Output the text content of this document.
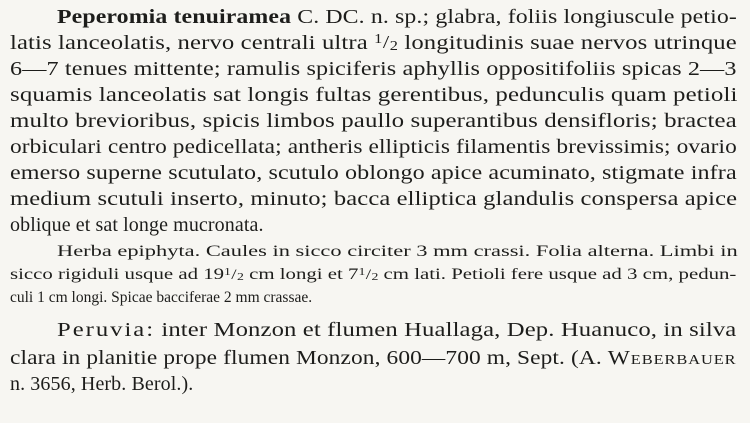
Peperomia tenuiramea C. DC. n. sp.; glabra, foliis longiuscule petio-
latis lanceolatis, nervo centrali ultra $^1$/2 longitudinis suae nervos utrinque
6—7 tenues mittente; ramulis spiciferis aphyllis oppositifoliis spicas 2—3
squamis lanceolatis sat longis fultas gerentibus, pedunculis quam petioli
multo brevioribus, spicis limbos paullo superantibus densifloris; bractea
orbiculari centro pedicellata; antheris ellipticis filamentis brevissimis; ovario
emerso superne scutulato, scutulo oblongo apice acuminato, stigmate infra
medium scutuli inserto, minuto; bacca elliptica glandulis conspersa apice
oblique et sat longe mucronata.
Herba epiphyta. Caules in sicco circiter 3 mm crassi. Folia alterna. Limbi in
sicco rigiduli usque ad $19^1/2$ cm longi et $7^1/2$ cm lati. Petioli fere usque ad 3 cm, pedun-
culi 1 cm longi. Spicae bacciferae 2 mm crassae.
Peruvia: inter Monzon et flumen Huallaga, Dep. Huanuco, in silva
clara in planitie prope flumen Monzon, 600—700 m, Sept. (A. Weberbauer
n. 3656, Herb. Berol.).
